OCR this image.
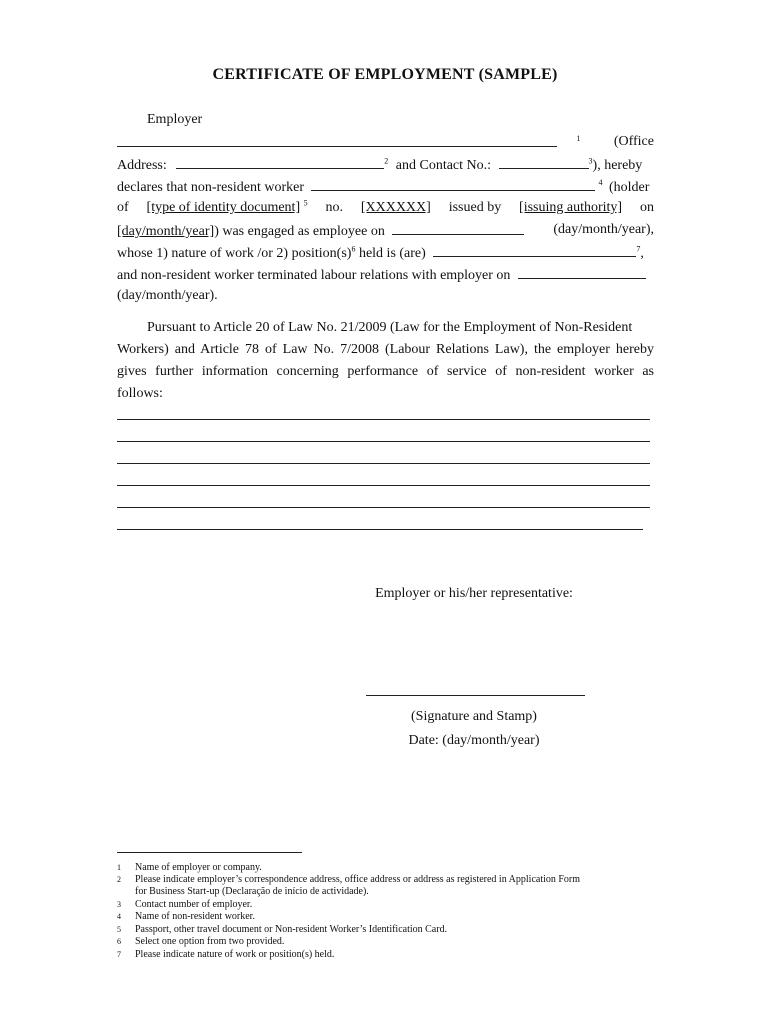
CERTIFICATE OF EMPLOYMENT (SAMPLE)
Employer
$^1$ (Office
Address:	$^2$ and Contact No.:	$^3$), hereby
declares that non-resident worker	$^4$ (holder
of [type of identity document] $^5$ no. [XXXXXX] issued by [issuing authority] on
[day/month/year]) was engaged as employee on	(day/month/year),
whose 1) nature of work /or 2) $position(s)^6$ held is (are)	$^7$,
and non-resident worker terminated labour relations with employer on
(day/month/year).
Pursuant to Article 20 of Law No. 21/2009 (Law for the Employment of Non-Resident
Workers) and Article 78 of Law No. 7/2008 (Labour Relations Law), the employer hereby
gives further information concerning performance of service of non-resident worker as
follows:
Employer or his/her representative:
(Signature and Stamp)
Date: (day/month/year)
1 Name of employer or company.
2 Please indicate employer’s correspondence address, office address or address as registered in Application Form
for Business Start-up (Declaração de início de actividade).
3 Contact number of employer.
4 Name of non-resident worker.
5 Passport, other travel document or Non-resident Worker’s Identification Card.
6 Select one option from two provided.
7 Please indicate nature of work or position(s) held.
